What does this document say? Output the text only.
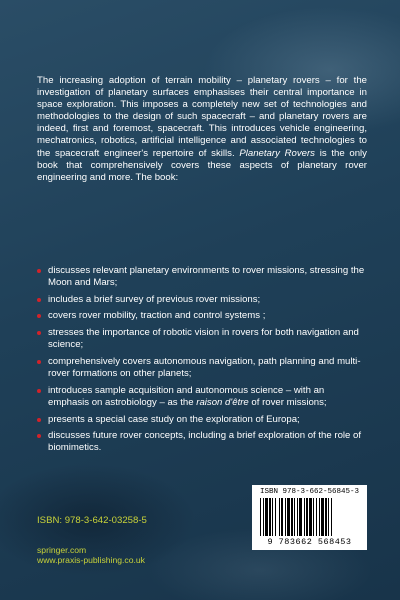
The increasing adoption of terrain mobility – planetary rovers – for the investigation of planetary surfaces emphasises their central importance in space exploration. This imposes a completely new set of technologies and methodologies to the design of such spacecraft – and planetary rovers are indeed, first and foremost, spacecraft. This introduces vehicle engineering, mechatronics, robotics, artificial intelligence and associated technologies to the spacecraft engineer's repertoire of skills. Planetary Rovers is the only book that comprehensively covers these aspects of planetary rover engineering and more. The book:

discusses relevant planetary environments to rover missions, stressing the Moon and Mars;
includes a brief survey of previous rover missions;
covers rover mobility, traction and control systems ;
stresses the importance of robotic vision in rovers for both navigation and science;
comprehensively covers autonomous navigation, path planning and multi-rover formations on other planets;
introduces sample acquisition and autonomous science – with an emphasis on astrobiology – as the raison d'être of rover missions;
presents a special case study on the exploration of Europa;
discusses future rover concepts, including a brief exploration of the role of biomimetics.
ISBN: 978-3-642-03258-5
springer.com
www.praxis-publishing.co.uk
ISBN 978-3-662-56845-3
9 783662 568453
